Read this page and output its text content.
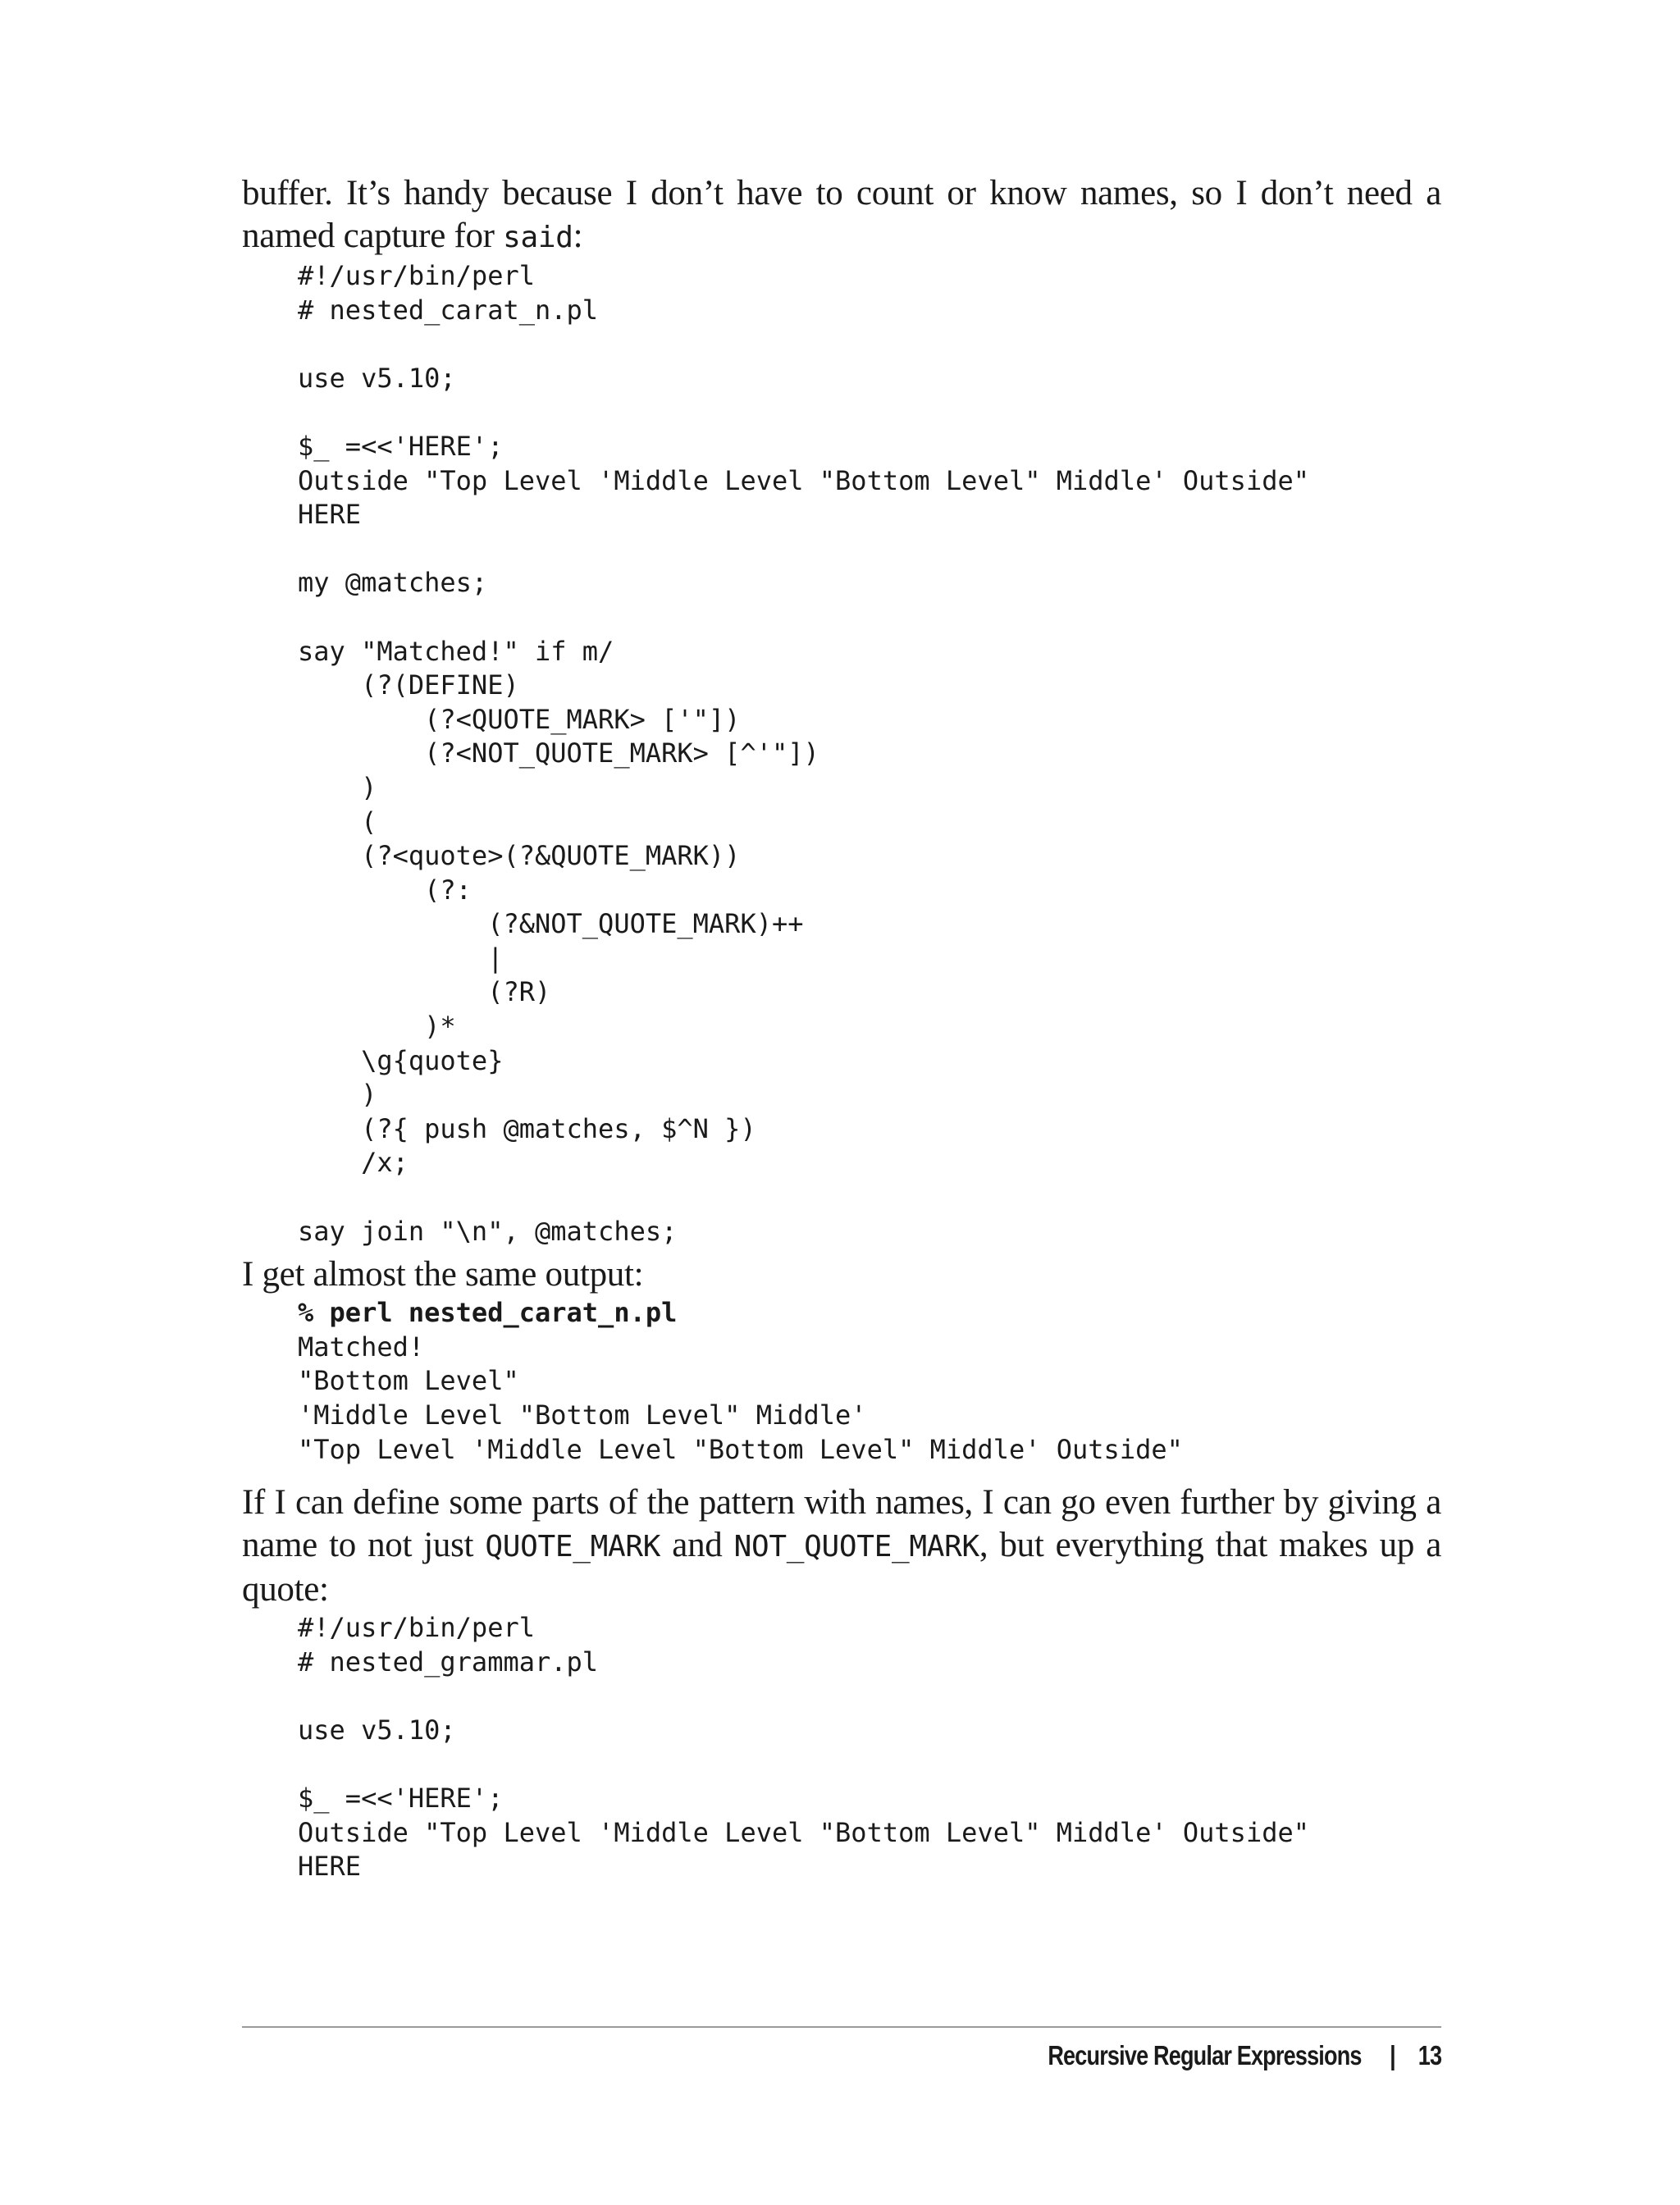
buffer. It’s handy because I don’t have to count or know names, so I don’t need a named capture for said:

#!/usr/bin/perl
# nested_carat_n.pl

use v5.10;

$_ =<<'HERE';
Outside "Top Level 'Middle Level "Bottom Level" Middle' Outside"
HERE

my @matches;

say "Matched!" if m/
(?(DEFINE)
(?<QUOTE_MARK> ['"])
(?<NOT_QUOTE_MARK> [^'"])
)
(
(?<quote>(?&QUOTE_MARK))
(?:
(?&NOT_QUOTE_MARK)++
|
(?R)
)*
\g{quote}
)
(?{ push @matches, $^N })
/x;

say join "\n", @matches;

I get almost the same output:

% perl nested_carat_n.pl
Matched!
"Bottom Level"
'Middle Level "Bottom Level" Middle'
"Top Level 'Middle Level "Bottom Level" Middle' Outside"

If I can define some parts of the pattern with names, I can go even further by giving a name to not just QUOTE_MARK and NOT_QUOTE_MARK, but everything that makes up a quote:

#!/usr/bin/perl
# nested_grammar.pl

use v5.10;

$_ =<<'HERE';
Outside "Top Level 'Middle Level "Bottom Level" Middle' Outside"
HERE
Recursive Regular Expressions | 13
